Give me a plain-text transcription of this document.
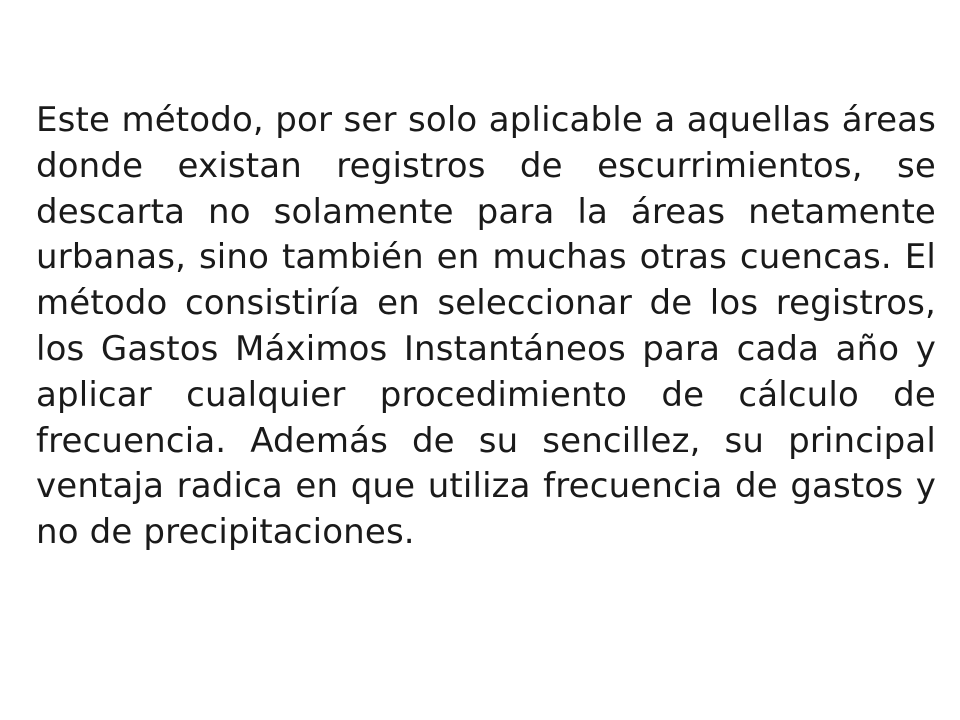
Este método, por ser solo aplicable a aquellas áreas donde existan registros de escurrimientos, se descarta no solamente para la áreas netamente urbanas, sino también en muchas otras cuencas. El método consistiría en seleccionar de los registros, los Gastos Máximos Instantáneos para cada año y aplicar cualquier procedimiento de cálculo de frecuencia. Además de su sencillez, su principal ventaja radica en que utiliza frecuencia de gastos y no de precipitaciones.
